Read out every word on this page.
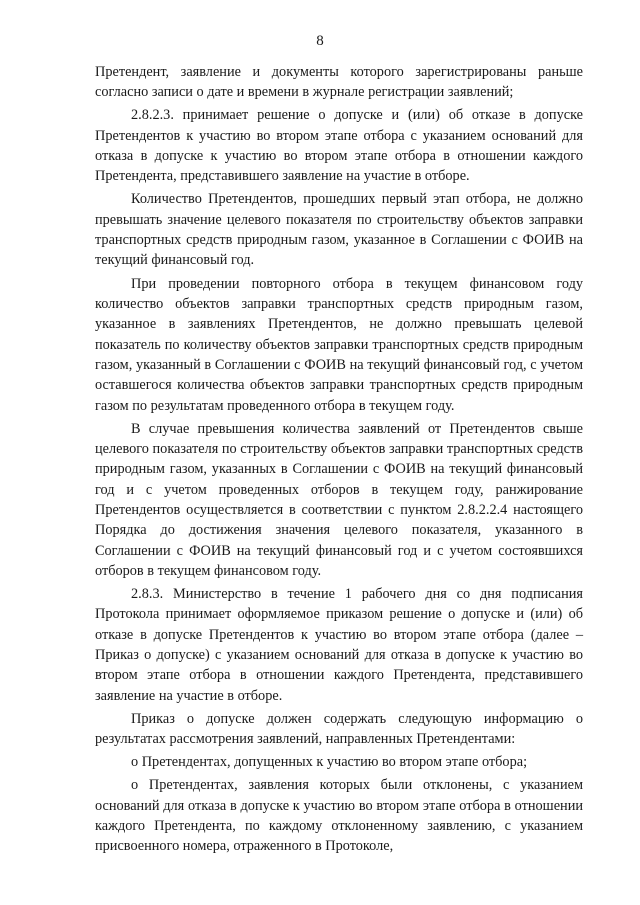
8

Претендент, заявление и документы которого зарегистрированы раньше согласно записи о дате и времени в журнале регистрации заявлений;

2.8.2.3. принимает решение о допуске и (или) об отказе в допуске Претендентов к участию во втором этапе отбора с указанием оснований для отказа в допуске к участию во втором этапе отбора в отношении каждого Претендента, представившего заявление на участие в отборе.

Количество Претендентов, прошедших первый этап отбора, не должно превышать значение целевого показателя по строительству объектов заправки транспортных средств природным газом, указанное в Соглашении с ФОИВ на текущий финансовый год.

При проведении повторного отбора в текущем финансовом году количество объектов заправки транспортных средств природным газом, указанное в заявлениях Претендентов, не должно превышать целевой показатель по количеству объектов заправки транспортных средств природным газом, указанный в Соглашении с ФОИВ на текущий финансовый год, с учетом оставшегося количества объектов заправки транспортных средств природным газом по результатам проведенного отбора в текущем году.

В случае превышения количества заявлений от Претендентов свыше целевого показателя по строительству объектов заправки транспортных средств природным газом, указанных в Соглашении с ФОИВ на текущий финансовый год и с учетом проведенных отборов в текущем году, ранжирование Претендентов осуществляется в соответствии с пунктом 2.8.2.2.4 настоящего Порядка до достижения значения целевого показателя, указанного в Соглашении с ФОИВ на текущий финансовый год и с учетом состоявшихся отборов в текущем финансовом году.

2.8.3. Министерство в течение 1 рабочего дня со дня подписания Протокола принимает оформляемое приказом решение о допуске и (или) об отказе в допуске Претендентов к участию во втором этапе отбора (далее – Приказ о допуске) с указанием оснований для отказа в допуске к участию во втором этапе отбора в отношении каждого Претендента, представившего заявление на участие в отборе.

Приказ о допуске должен содержать следующую информацию о результатах рассмотрения заявлений, направленных Претендентами:

о Претендентах, допущенных к участию во втором этапе отбора;

о Претендентах, заявления которых были отклонены, с указанием оснований для отказа в допуске к участию во втором этапе отбора в отношении каждого Претендента, по каждому отклоненному заявлению, с указанием присвоенного номера, отраженного в Протоколе,
